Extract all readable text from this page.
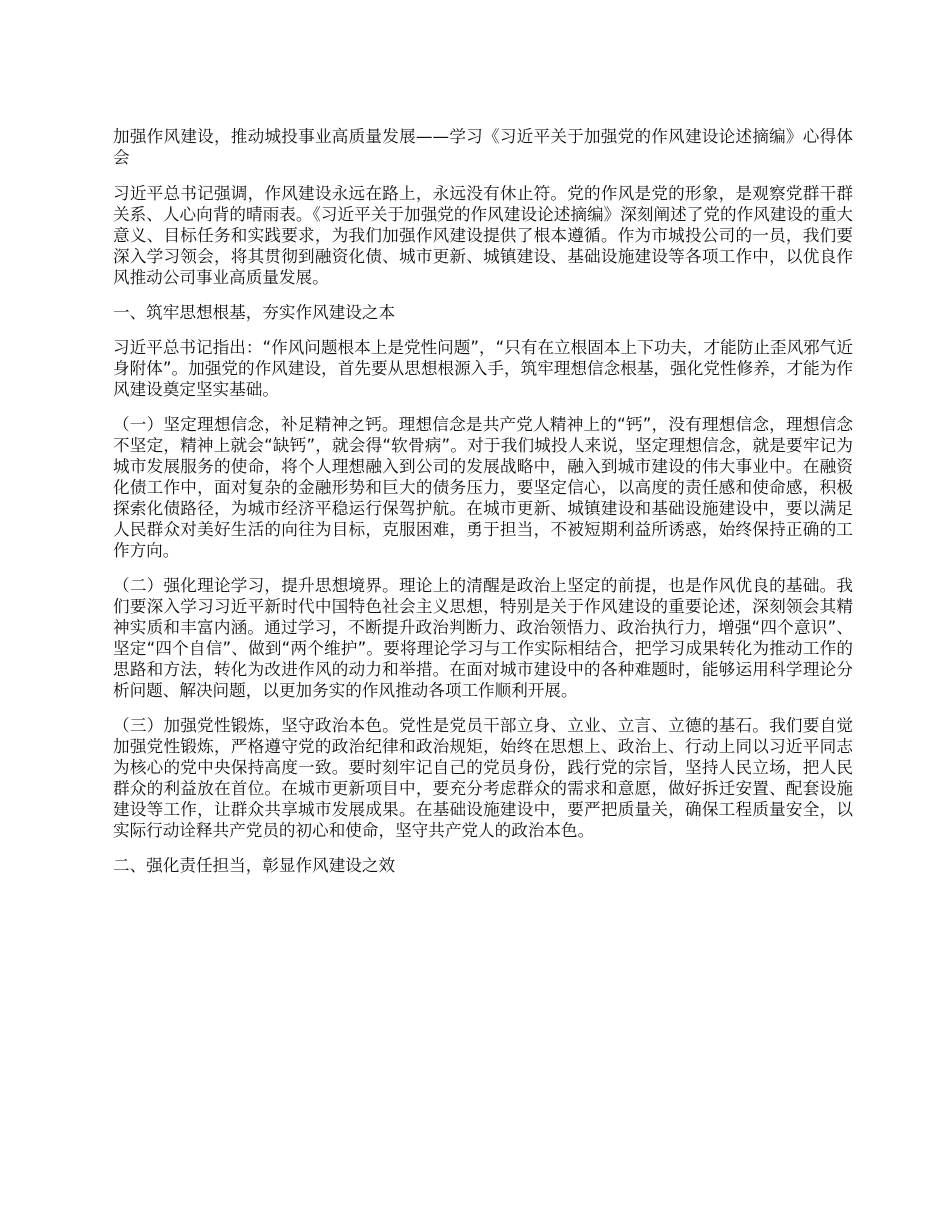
加强作风建设，推动城投事业高质量发展——学习《习近平关于加强党的作风建设论述摘编》心得体会

习近平总书记强调，作风建设永远在路上，永远没有休止符。党的作风是党的形象，是观察党群干群关系、人心向背的晴雨表。《习近平关于加强党的作风建设论述摘编》深刻阐述了党的作风建设的重大意义、目标任务和实践要求，为我们加强作风建设提供了根本遵循。作为市城投公司的一员，我们要深入学习领会，将其贯彻到融资化债、城市更新、城镇建设、基础设施建设等各项工作中，以优良作风推动公司事业高质量发展。

一、筑牢思想根基，夯实作风建设之本

习近平总书记指出：“作风问题根本上是党性问题”，“只有在立根固本上下功夫，才能防止歪风邪气近身附体”。加强党的作风建设，首先要从思想根源入手，筑牢理想信念根基，强化党性修养，才能为作风建设奠定坚实基础。

（一）坚定理想信念，补足精神之钙。理想信念是共产党人精神上的“钙”，没有理想信念，理想信念不坚定，精神上就会“缺钙”，就会得“软骨病”。对于我们城投人来说，坚定理想信念，就是要牢记为城市发展服务的使命，将个人理想融入到公司的发展战略中，融入到城市建设的伟大事业中。在融资化债工作中，面对复杂的金融形势和巨大的债务压力，要坚定信心，以高度的责任感和使命感，积极探索化债路径，为城市经济平稳运行保驾护航。在城市更新、城镇建设和基础设施建设中，要以满足人民群众对美好生活的向往为目标，克服困难，勇于担当，不被短期利益所诱惑，始终保持正确的工作方向。

（二）强化理论学习，提升思想境界。理论上的清醒是政治上坚定的前提，也是作风优良的基础。我们要深入学习习近平新时代中国特色社会主义思想，特别是关于作风建设的重要论述，深刻领会其精神实质和丰富内涵。通过学习，不断提升政治判断力、政治领悟力、政治执行力，增强“四个意识”、坚定“四个自信”、做到“两个维护”。要将理论学习与工作实际相结合，把学习成果转化为推动工作的思路和方法，转化为改进作风的动力和举措。在面对城市建设中的各种难题时，能够运用科学理论分析问题、解决问题，以更加务实的作风推动各项工作顺利开展。

（三）加强党性锻炼，坚守政治本色。党性是党员干部立身、立业、立言、立德的基石。我们要自觉加强党性锻炼，严格遵守党的政治纪律和政治规矩，始终在思想上、政治上、行动上同以习近平同志为核心的党中央保持高度一致。要时刻牢记自己的党员身份，践行党的宗旨，坚持人民立场，把人民群众的利益放在首位。在城市更新项目中，要充分考虑群众的需求和意愿，做好拆迁安置、配套设施建设等工作，让群众共享城市发展成果。在基础设施建设中，要严把质量关，确保工程质量安全，以实际行动诠释共产党员的初心和使命，坚守共产党人的政治本色。

二、强化责任担当，彰显作风建设之效
